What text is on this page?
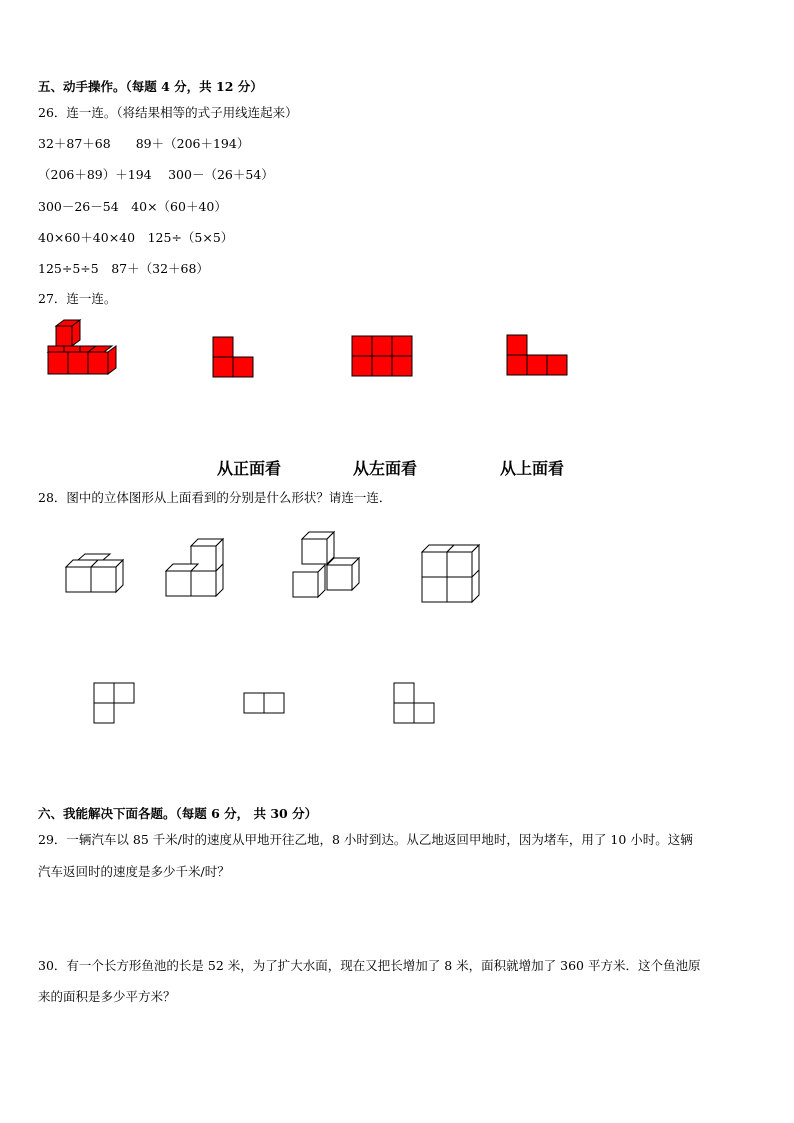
五、动手操作。（每题 4 分，共 12 分）
26．连一连。（将结果相等的式子用线连起来）
32＋87＋68　　89＋（206＋194）
（206＋89）＋194　 300－（26＋54）
300－26－54　40×（60＋40）
40×60＋40×40　125÷（5×5）
125÷5÷5　87＋（32＋68）
27．连一连。
从正面看	从左面看	从上面看
28．图中的立体图形从上面看到的分别是什么形状？请连一连．
六、我能解决下面各题。（每题 6 分， 共 30 分）
29．一辆汽车以 85 千米/时的速度从甲地开往乙地，8 小时到达。从乙地返回甲地时，因为堵车，用了 10 小时。这辆
汽车返回时的速度是多少千米/时？
30．有一个长方形鱼池的长是 52 米，为了扩大水面，现在又把长增加了 8 米，面积就增加了 360 平方米．这个鱼池原
来的面积是多少平方米？
